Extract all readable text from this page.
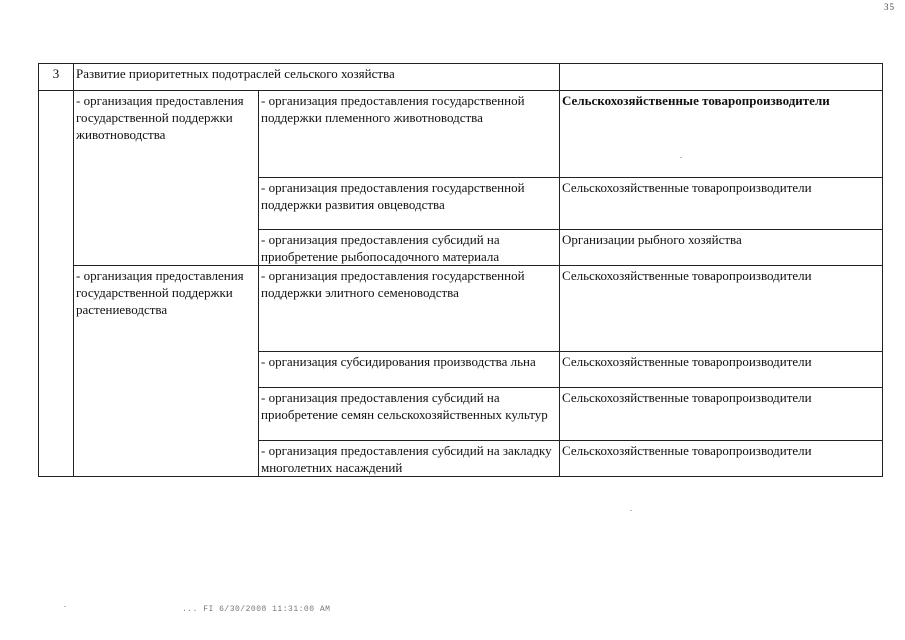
35
3	Развитие приоритетных подотраслей сельского хозяйства		
	- организация предоставления государственной поддержки животноводства	- организация предоставления государственной поддержки племенного животноводства	Сельскохозяйственные товаропроизводители
		- организация предоставления государственной поддержки развития овцеводства	Сельскохозяйственные товаропроизводители
		- организация предоставления субсидий на приобретение рыбопосадочного материала	Организации рыбного хозяйства
	- организация предоставления государственной поддержки растениеводства	- организация предоставления государственной поддержки элитного семеноводства	Сельскохозяйственные товаропроизводители
		- организация субсидирования производства льна	Сельскохозяйственные товаропроизводители
		- организация предоставления субсидий на приобретение семян сельскохозяйственных культур	Сельскохозяйственные товаропроизводители
		- организация предоставления субсидий на закладку многолетних насаждений	Сельскохозяйственные товаропроизводители
... FI 6/30/2008 11:31:00 AM
